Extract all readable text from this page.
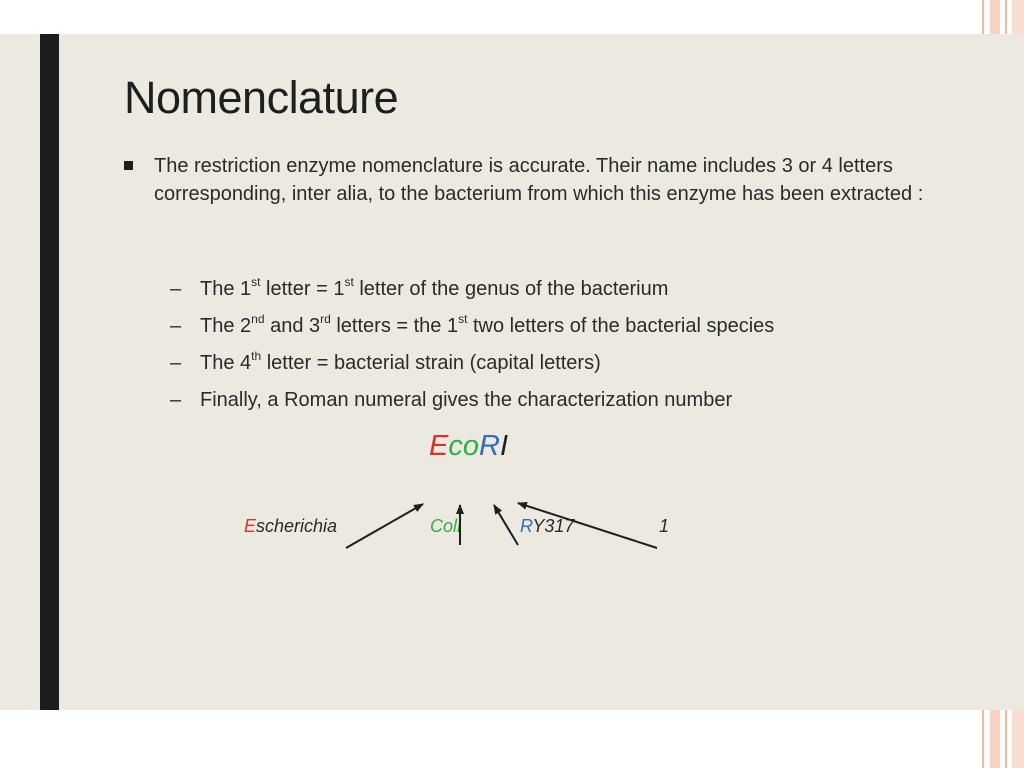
Nomenclature
The restriction enzyme nomenclature is accurate. Their name includes 3 or 4 letters corresponding, inter alia, to the bacterium from which this enzyme has been extracted :
– The 1st letter = 1st letter of the genus of the bacterium
– The 2nd and 3rd letters = the 1st two letters of the bacterial species
– The 4th letter = bacterial strain (capital letters)
– Finally, a Roman numeral gives the characterization number
EcoRI
Escherichia	Coli	RY317	1
